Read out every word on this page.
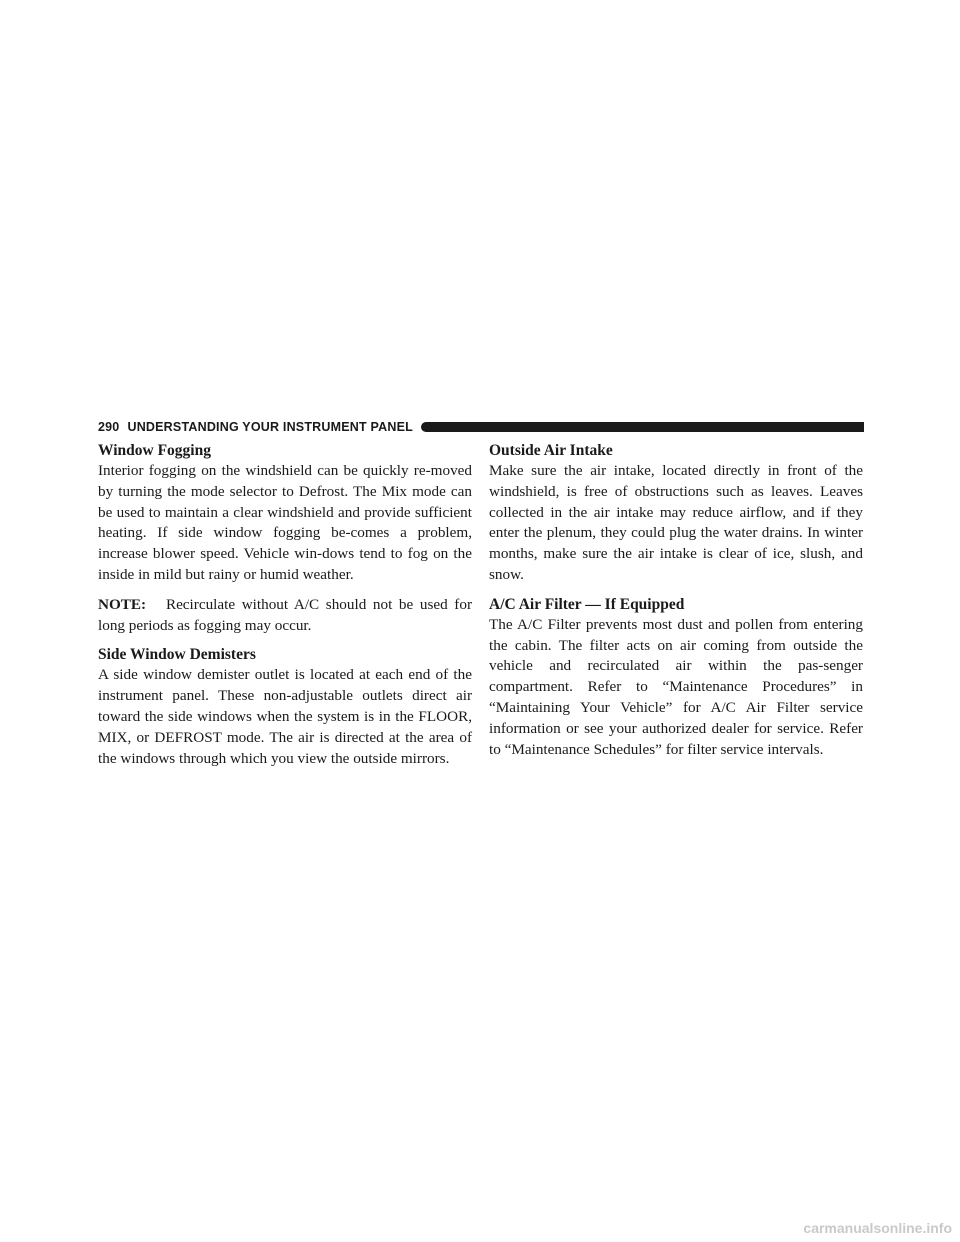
290 UNDERSTANDING YOUR INSTRUMENT PANEL
Window Fogging

Interior fogging on the windshield can be quickly re-moved by turning the mode selector to Defrost. The Mix mode can be used to maintain a clear windshield and provide sufficient heating. If side window fogging be-comes a problem, increase blower speed. Vehicle win-dows tend to fog on the inside in mild but rainy or humid weather.

NOTE: Recirculate without A/C should not be used for long periods as fogging may occur.

Side Window Demisters

A side window demister outlet is located at each end of the instrument panel. These non-adjustable outlets direct air toward the side windows when the system is in the FLOOR, MIX, or DEFROST mode. The air is directed at the area of the windows through which you view the outside mirrors.

Outside Air Intake

Make sure the air intake, located directly in front of the windshield, is free of obstructions such as leaves. Leaves collected in the air intake may reduce airflow, and if they enter the plenum, they could plug the water drains. In winter months, make sure the air intake is clear of ice, slush, and snow.

A/C Air Filter — If Equipped

The A/C Filter prevents most dust and pollen from entering the cabin. The filter acts on air coming from outside the vehicle and recirculated air within the pas-senger compartment. Refer to “Maintenance Procedures” in “Maintaining Your Vehicle” for A/C Air Filter service information or see your authorized dealer for service. Refer to “Maintenance Schedules” for filter service intervals.

carmanualsonline.info
